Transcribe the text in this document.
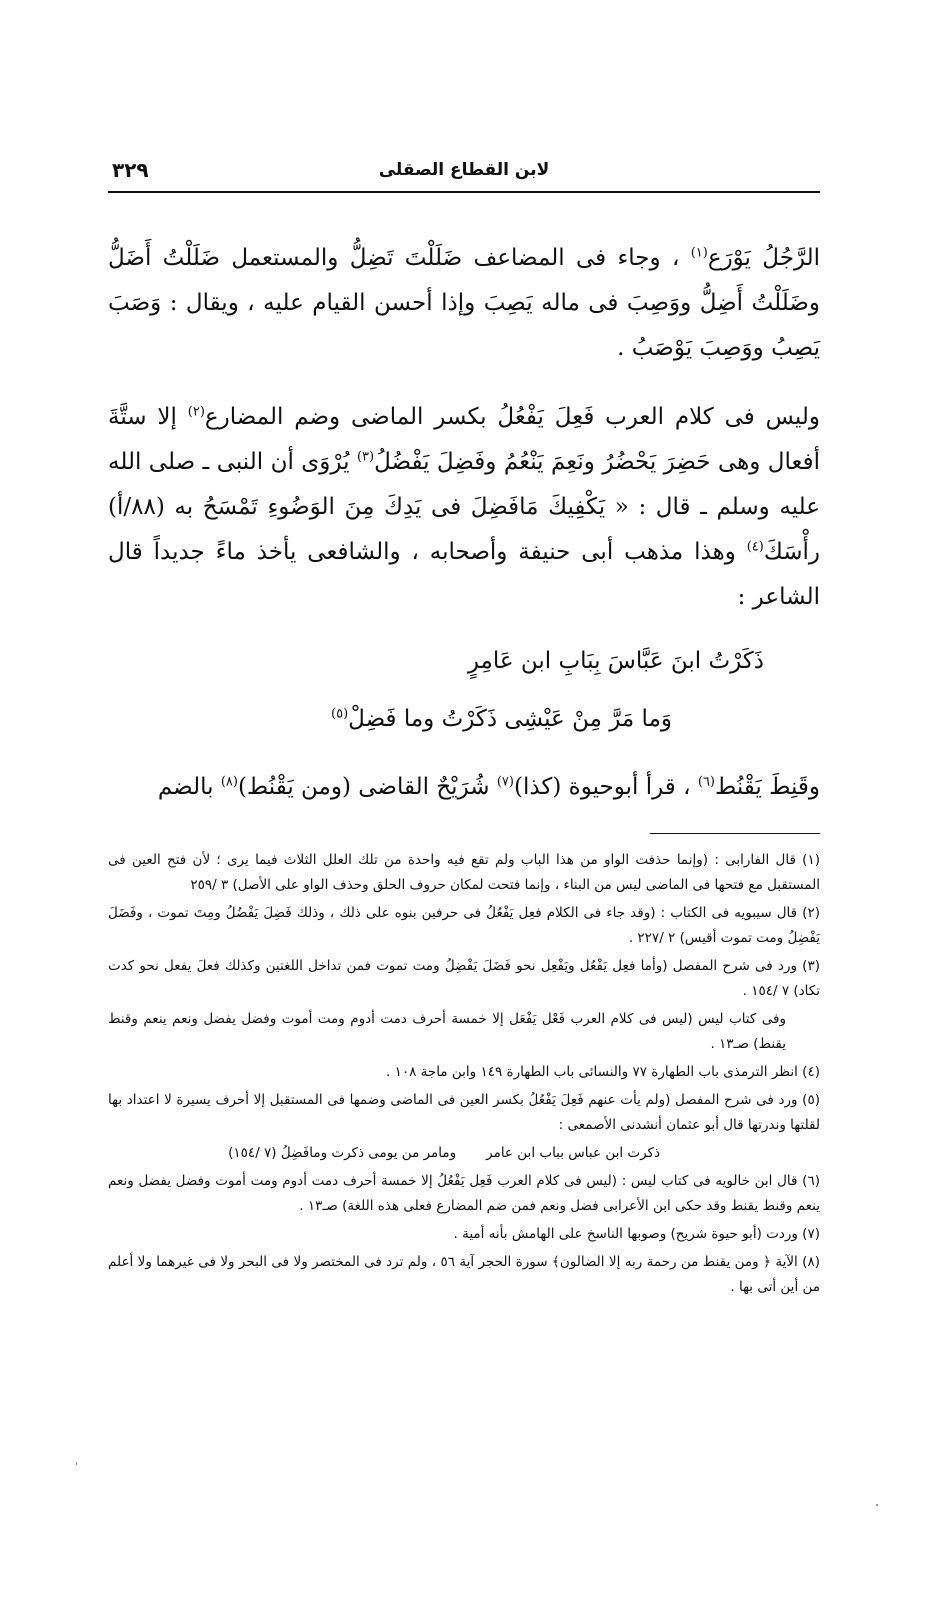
لابن القطاع الصقلى
٣٢٩

الرَّجُلُ يَوْرَع$^{(١)}$ ، وجاء فى المضاعف ضَلَلْتَ تَضِلُّ والمستعمل ضَلَلْتُ أَضَلُّ وضَلَلْتُ أَضِلُّ ووَصِبَ فى ماله يَصِبَ وإذا أحسن القيام عليه ، ويقال : وَصَبَ يَصِبُ ووَصِبَ يَوْصَبُ .

وليس فى كلام العرب فَعِلَ يَفْعُلُ بكسر الماضى وضم المضارع$^{(٢)}$ إلا ستَّةَ أفعال وهى حَضِرَ يَحْضُرُ ونَعِمَ يَنْعُمُ وفَضِلَ يَفْضُلُ$^{(٣)}$ يُرْوَى أن النبى ـ صلى الله عليه وسلم ـ قال : « يَكْفِيكَ مَافَضِلَ فى يَدِكَ مِنَ الوَضُوءِ تَمْسَحُ به (٨٨/أ) رأْسَكَ$^{(٤)}$ وهذا مذهب أبى حنيفة وأصحابه ، والشافعى يأخذ ماءً جديداً قال الشاعر :

ذَكَرْتُ ابنَ عَبَّاسَ بِبَابِ ابن عَامِرٍ
وَما مَرَّ مِنْ عَيْشِى ذَكَرْتُ وما فَضِلْ$^{(٥)}$
وقَنِطَ يَقْنُط$^{(٦)}$ ، قرأ أبوحيوة (كذا)$^{(٧)}$ شُرَيْحٌ القاضى (ومن يَقْنُط)$^{(٨)}$ بالضم

(١) قال الفارابى : (وإنما حذفت الواو من هذا الباب ولم تقع فيه واحدة من تلك العلل الثلاث فيما يرى ؛ لأن فتح العين فى المستقبل مع فتحها فى الماضى ليس من البناء ، وإنما فتحت لمكان حروف الحلق وحذف الواو على الأصل) ٣ /٢٥٩

(٢) قال سيبويه فى الكتاب : (وقد جاء فى الكلام فعِل يَفْعُلُ فى حرفين بنوه على ذلك ، وذلك فَضِلَ يَفْضُلُ ومِتَ تموت ، وفَضَلَ يَفْضِلُ ومت تموت أقيس) ٢ /٢٢٧ .

(٣) ورد فى شرح المفصل (وأما فعِل يَفْعُل ويَفْعِل نحو فَضَلَ يَفْضِلُ ومت تموت فمن تداخل اللغتين وكذلك فعلَ يفعل نحو كدت تكاد) ٧ /١٥٤ .

وفى كتاب ليس (ليس فى كلام العرب فَعْل يَفْعَل إلا خمسة أحرف دمت أدوم ومت أموت وفضل يفضل ونعم ينعم وقنط يقنط) صـ١٣ .

(٤) انظر الترمذى باب الطهارة ٧٧ والنسائى باب الطهارة ١٤٩ وابن ماجة ١٠٨ .

(٥) ورد فى شرح المفصل (ولم يأت عنهم فَعِلَ يَفْعُلُ بكسر العين فى الماضى وضمها فى المستقبل إلا أحرف يسيرة لا اعتداد بها لقلتها وندرتها قال أبو عثمان أنشدنى الأصمعى :

ذكرت ابن عباس بباب ابن عامرومامر من يومى ذكرت ومافَضِلُ (٧ /١٥٤)

(٦) قال ابن خالويه فى كتاب ليس : (ليس فى كلام العرب فَعِل يَفْعُلُ إلا خمسة أحرف دمت أدوم ومت أموت وفضل يفضل ونعم ينعم وقنط يقنط وقد حكى ابن الأعرابى فضل ونعم فمن ضم المضارع فعلى هذه اللغة) صـ١٣ .

(٧) وردت (أبو حيوة شريح) وصوبها الناسخ على الهامش بأنه أمية .

(٨) الآية ﴿ ومن يقنط من رحمة ربه إلا الضالون﴾ سورة الحجر آية ٥٦ ، ولم ترد فى المختصر ولا فى البحر ولا فى غيرهما ولا أعلم من أين أتى بها .
